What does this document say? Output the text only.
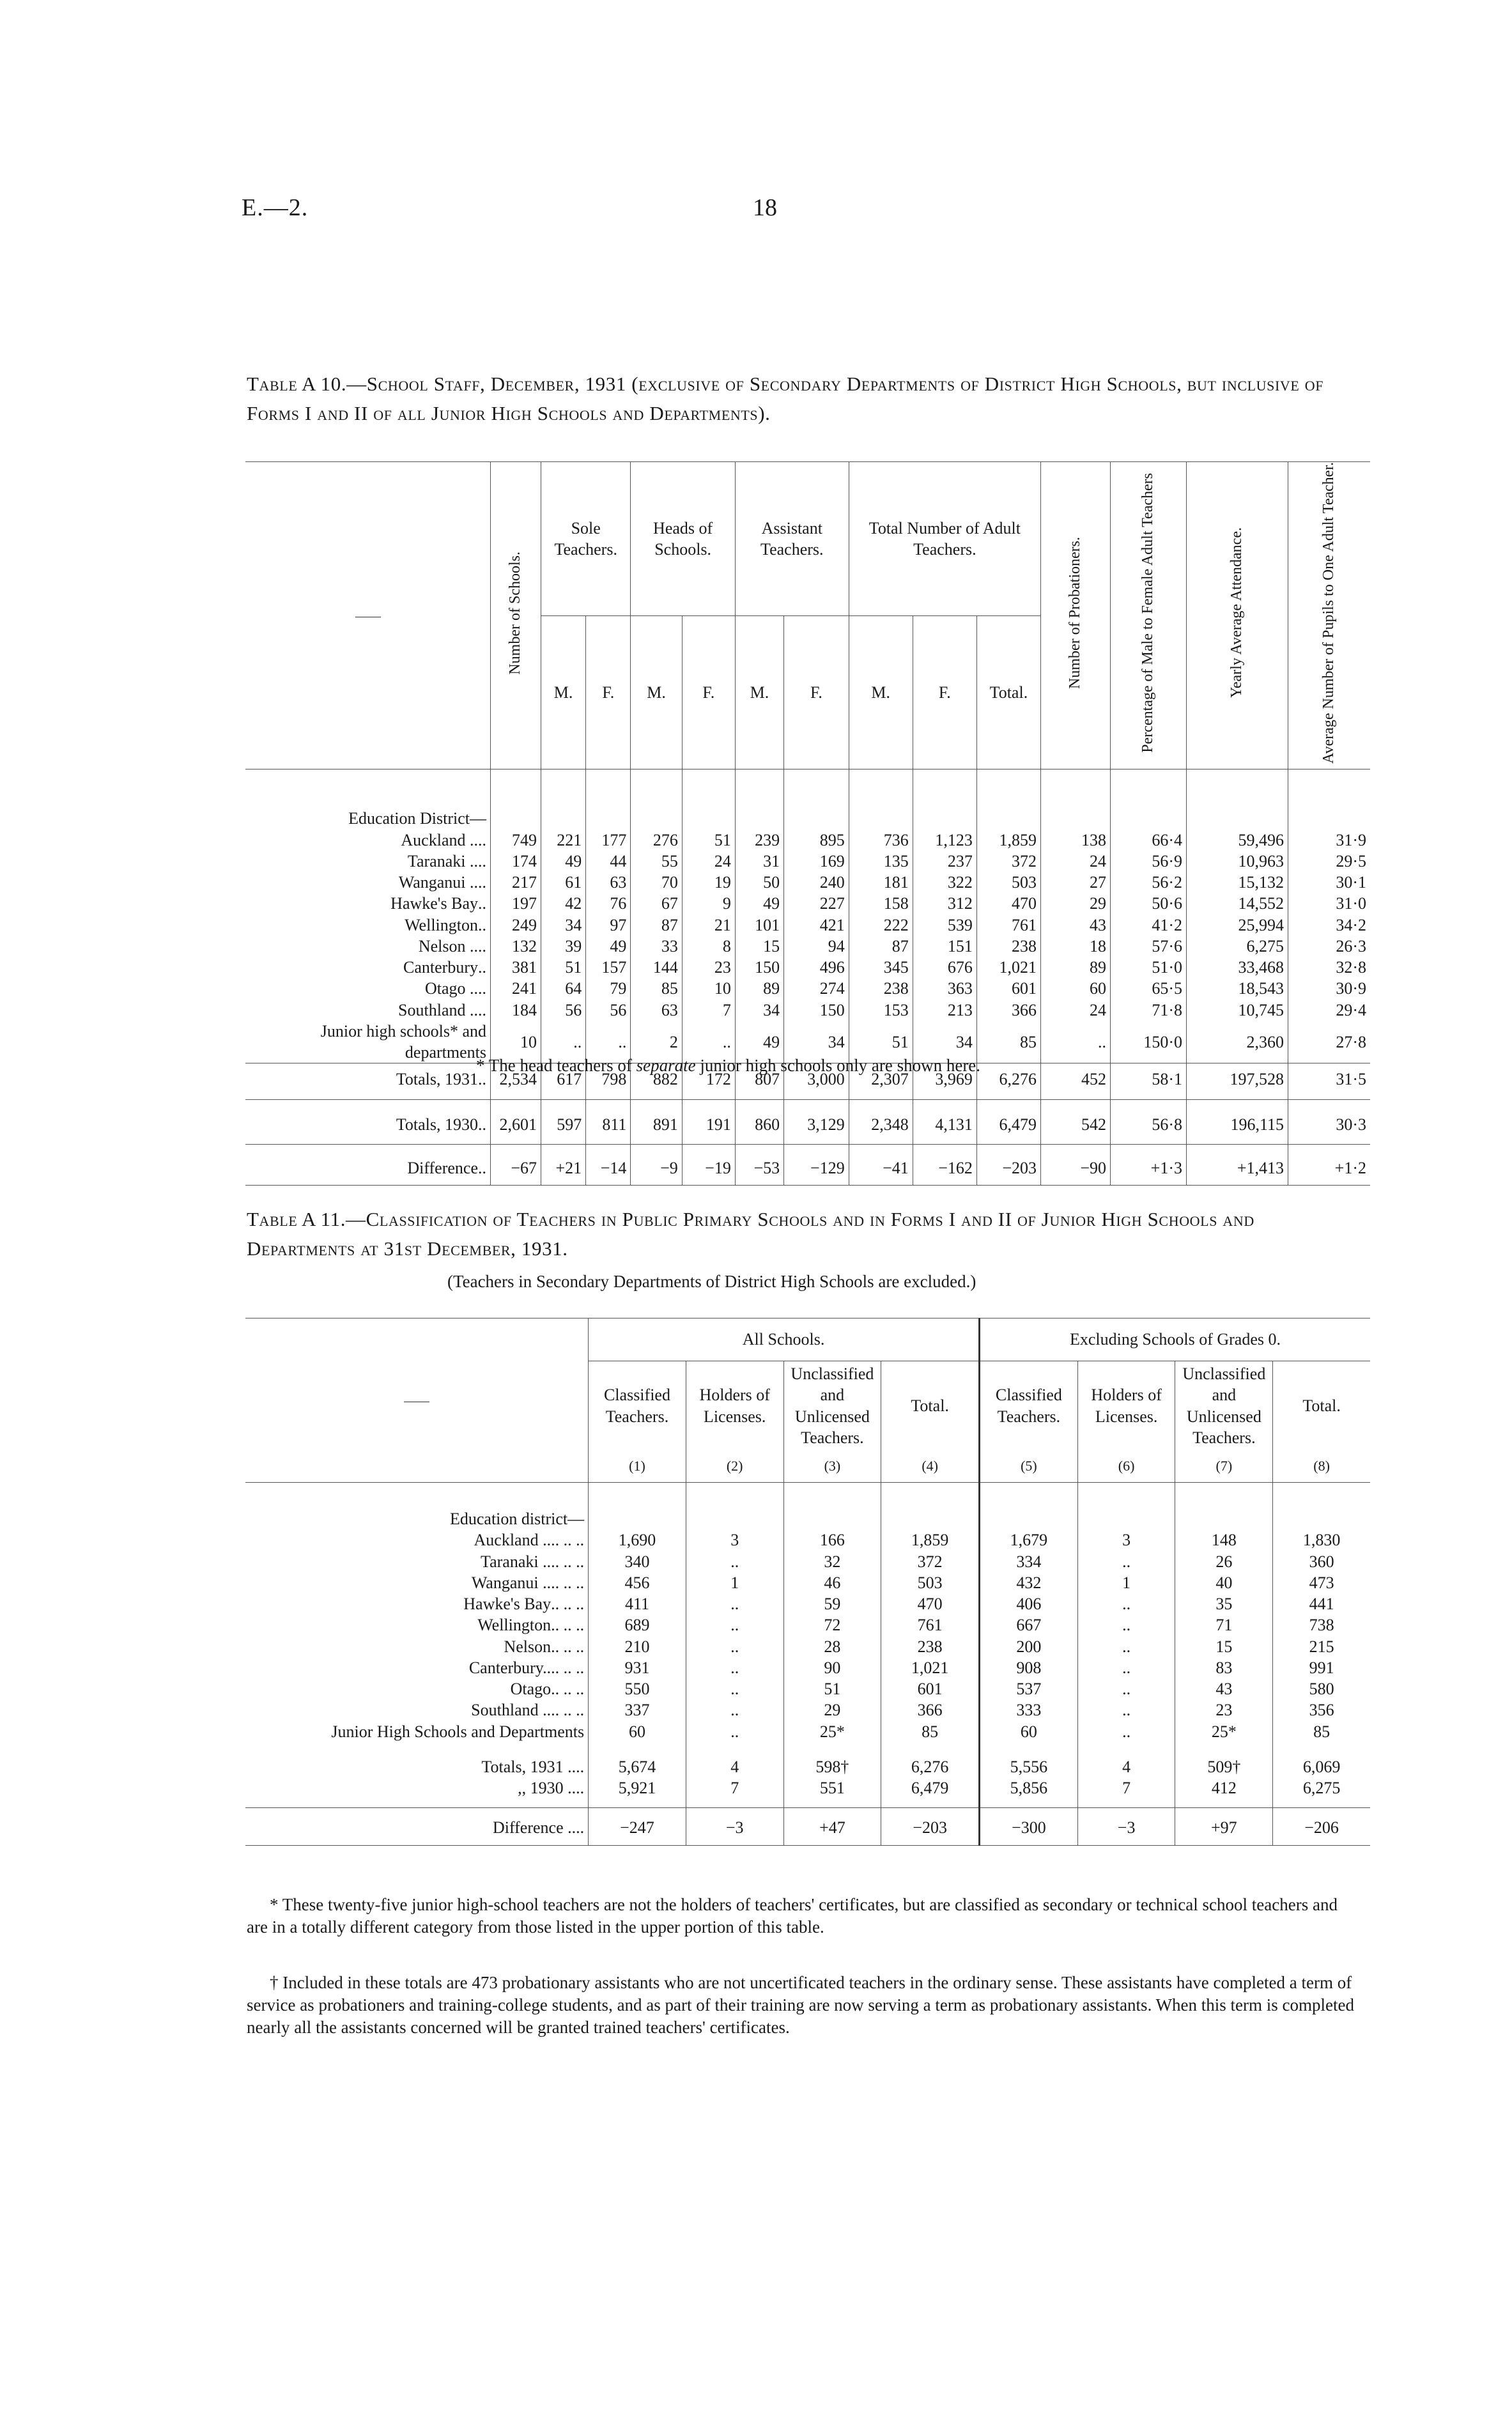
E.—2.	18
Table A 10.—School Staff, December, 1931 (exclusive of Secondary Departments of District High Schools, but inclusive of Forms I and II of all Junior High Schools and Departments).
	Number of Schools.	Sole Teachers.		Heads of Schools.		Assistant Teachers.		Total Number of Adult Teachers.			Number of Probationers.	Percentage of Male to Female Adult Teachers	Yearly Average Attendance.	Average Number of Pupils to One Adult Teacher.
		M.	F.	M.	F.	M.	F.	M.	F.	Total.				
Education District—														
Auckland .. ..	749	221	177	276	51	239	895	736	1,123	1,859	138	66·4	59,496	31·9
Taranaki .. ..	174	49	44	55	24	31	169	135	237	372	24	56·9	10,963	29·5
Wanganui .. ..	217	61	63	70	19	50	240	181	322	503	27	56·2	15,132	30·1
Hawke's Bay ..	197	42	76	67	9	49	227	158	312	470	29	50·6	14,552	31·0
Wellington ..	249	34	97	87	21	101	421	222	539	761	43	41·2	25,994	34·2
Nelson .. ..	132	39	49	33	8	15	94	87	151	238	18	57·6	6,275	26·3
Canterbury ..	381	51	157	144	23	150	496	345	676	1,021	89	51·0	33,468	32·8
Otago .. ..	241	64	79	85	10	89	274	238	363	601	60	65·5	18,543	30·9
Southland .. ..	184	56	56	63	7	34	150	153	213	366	24	71·8	10,745	29·4
Junior high schools* and departments	10	..	..	2	..	49	34	51	34	85	..	150·0	2,360	27·8
Totals, 1931 ..	2,534	617	798	882	172	807	3,000	2,307	3,969	6,276	452	58·1	197,528	31·5
Totals, 1930 ..	2,601	597	811	891	191	860	3,129	2,348	4,131	6,479	542	56·8	196,115	30·3
Difference ..	−67	+21	−14	−9	−19	−53	−129	−41	−162	−203	−90	+1·3	+1,413	+1·2
* The head teachers of separate junior high schools only are shown here.
Table A 11.—Classification of Teachers in Public Primary Schools and in Forms I and II of Junior High Schools and Departments at 31st December, 1931.
(Teachers in Secondary Departments of District High Schools are excluded.)
	All Schools.				Excluding Schools of Grades 0.			
	Classified Teachers.	Holders of Licenses.	Unclassified and Unlicensed Teachers.	Total.	Classified Teachers.	Holders of Licenses.	Unclassified and Unlicensed Teachers.	Total.
	(1)	(2)	(3)	(4)	(5)	(6)	(7)	(8)
Education district—								
Auckland .. .. .. ..	1,690	3	166	1,859	1,679	3	148	1,830
Taranaki .. .. .. ..	340	..	32	372	334	..	26	360
Wanganui .. .. .. ..	456	1	46	503	432	1	40	473
Hawke's Bay .. .. ..	411	..	59	470	406	..	35	441
Wellington .. .. ..	689	..	72	761	667	..	71	738
Nelson .. .. ..	210	..	28	238	200	..	15	215
Canterbury.. .. .. ..	931	..	90	1,021	908	..	83	991
Otago .. .. ..	550	..	51	601	537	..	43	580
Southland .. .. .. ..	337	..	29	366	333	..	23	356
Junior High Schools and Departments	60	..	25*	85	60	..	25*	85
Totals, 1931 .. ..	5,674	4	598†	6,276	5,556	4	509†	6,069
,, 1930 .. ..	5,921	7	551	6,479	5,856	7	412	6,275
Difference .. ..	−247	−3	+47	−203	−300	−3	+97	−206
* These twenty-five junior high-school teachers are not the holders of teachers' certificates, but are classified as secondary or technical school teachers and are in a totally different category from those listed in the upper portion of this table.
† Included in these totals are 473 probationary assistants who are not uncertificated teachers in the ordinary sense. These assistants have completed a term of service as probationers and training-college students, and as part of their training are now serving a term as probationary assistants. When this term is completed nearly all the assistants concerned will be granted trained teachers' certificates.
